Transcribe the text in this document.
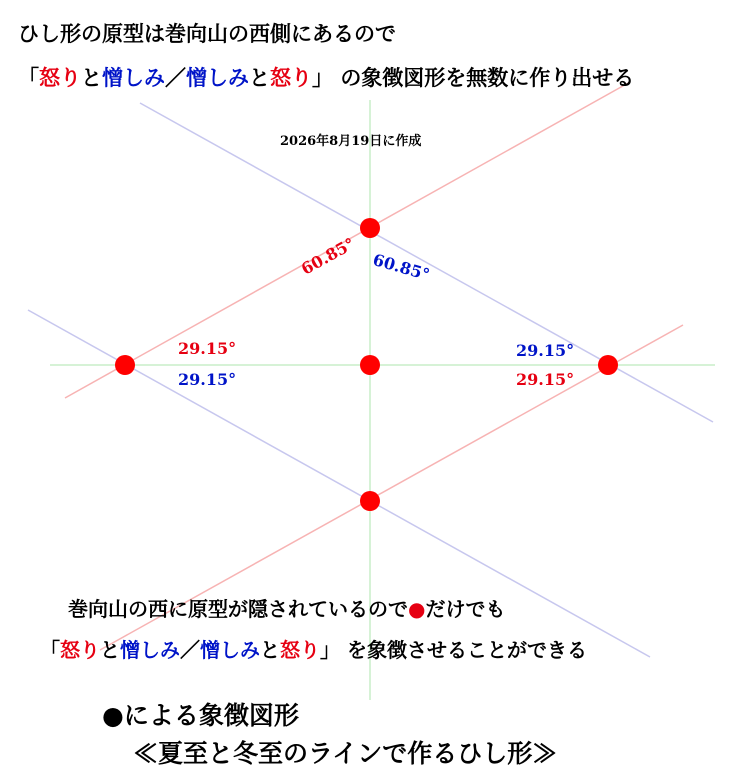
ひし形の原型は巻向山の西側にあるので
「怒りと憎しみ／憎しみと怒り」 の象徴図形を無数に作り出せる
2026年8月19日に作成
60.85° 60.85°
29.15°
29.15°
29.15°
29.15°
巻向山の西に原型が隠されているので●だけでも
「怒りと憎しみ／憎しみと怒り」 を象徴させることができる
●による象徴図形
≪夏至と冬至のラインで作るひし形≫
